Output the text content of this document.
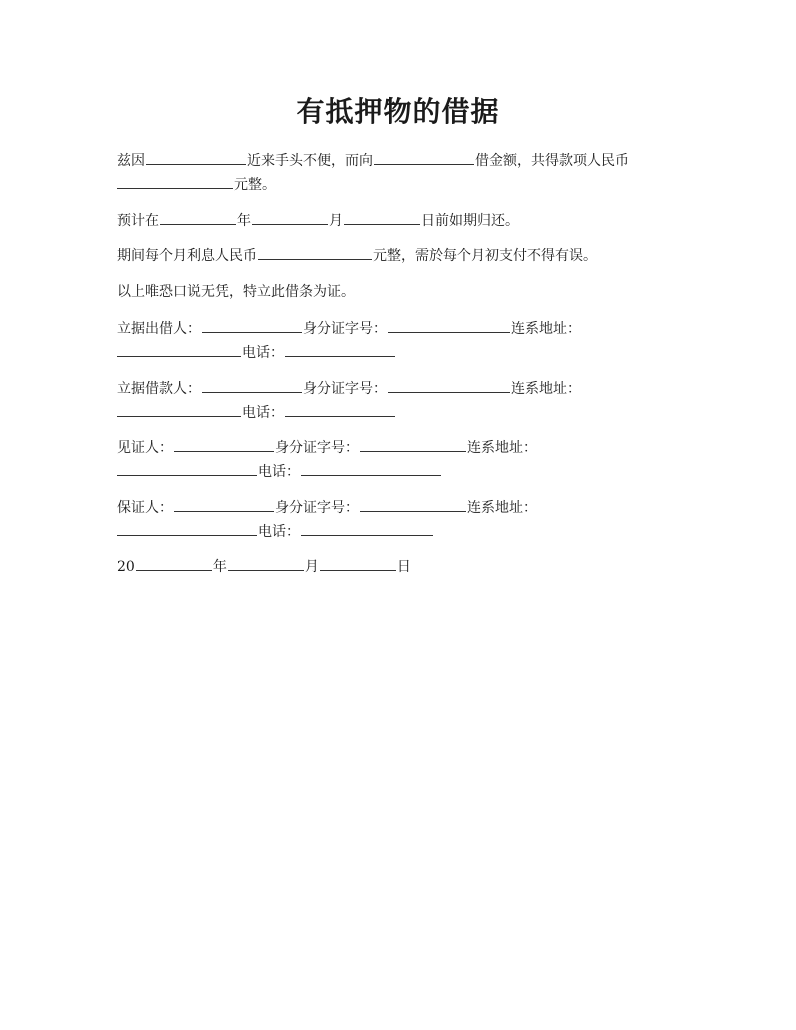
有抵押物的借据
兹因	近来手头不便，而向	借金额，共得款项人民币
元整。
预计在	年	月	日前如期归还。
期间每个月利息人民币	元整，需於每个月初支付不得有误。
以上唯恐口说无凭，特立此借条为证。
立据出借人：	身分证字号：	连系地址：
电话：
立据借款人：	身分证字号：	连系地址：
电话：
见证人：	身分证字号：	连系地址：
电话：
保证人：	身分证字号：	连系地址：
电话：
20	年	月	日
